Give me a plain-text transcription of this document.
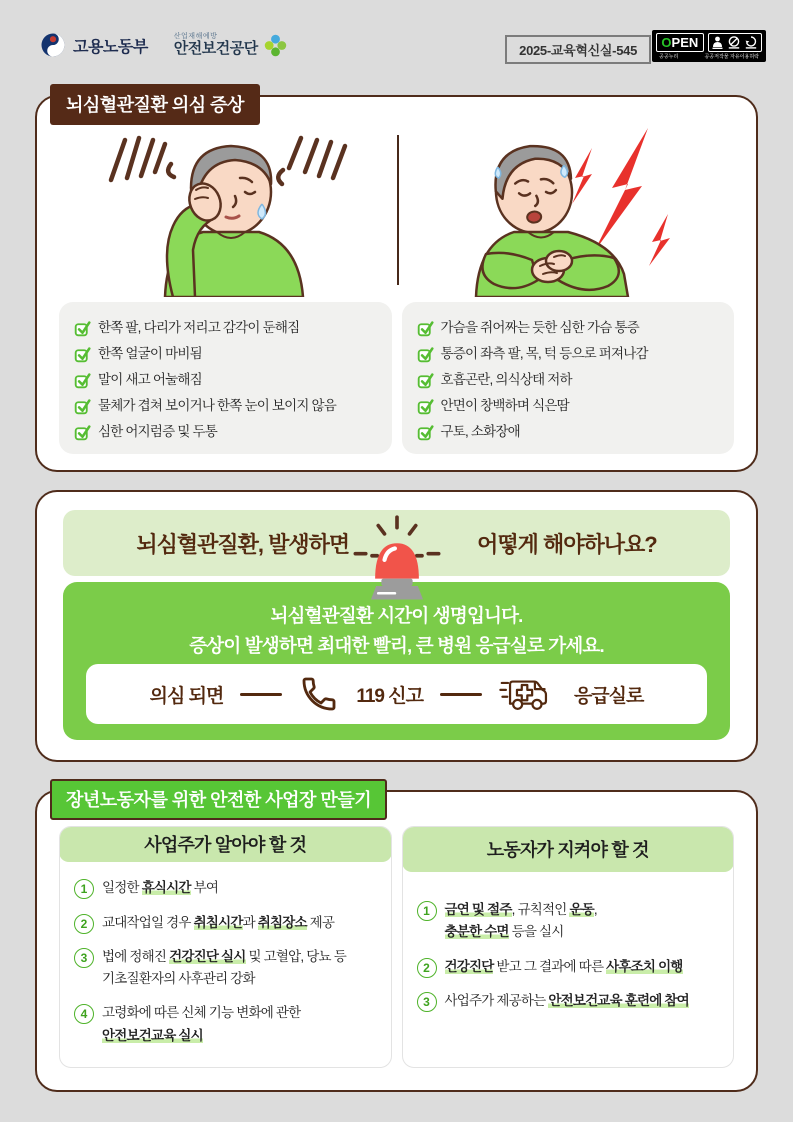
고용노동부
산업재해예방
안전보건공단	2025-교육혁신실-545
O PEN
공공누리	공공저작물 자유이용허락
뇌심혈관질환 의심 증상
한쪽 팔, 다리가 저리고 감각이 둔해짐
한쪽 얼굴이 마비됨
말이 새고 어눌해짐
물체가 겹쳐 보이거나 한쪽 눈이 보이지 않음
심한 어지럼증 및 두통
가슴을 쥐어짜는 듯한 심한 가슴 통증
통증이 좌측 팔, 목, 턱 등으로 퍼져나감
호흡곤란, 의식상태 저하
안면이 창백하며 식은땀
구토, 소화장애
뇌심혈관질환, 발생하면	어떻게 해야하나요?

뇌심혈관질환 시간이 생명입니다.

증상이 발생하면 최대한 빨리, 큰 병원 응급실로 가세요.

의심 되면	119 신고	응급실로
장년노동자를 위한 안전한 사업장 만들기
사업주가 알아야 할 것
1	일정한 휴식시간 부여

2	교대작업일 경우 취침시간과 취침장소 제공

3	법에 정해진 건강진단 실시 및 고혈압, 당뇨 등
기초질환자의 사후관리 강화

4	고령화에 따른 신체 기능 변화에 관한
안전보건교육 실시

노동자가 지켜야 할 것
1	금연 및 절주, 규칙적인 운동,
충분한 수면 등을 실시

2	건강진단 받고 그 결과에 따른 사후조치 이행

3	사업주가 제공하는 안전보건교육 훈련에 참여
